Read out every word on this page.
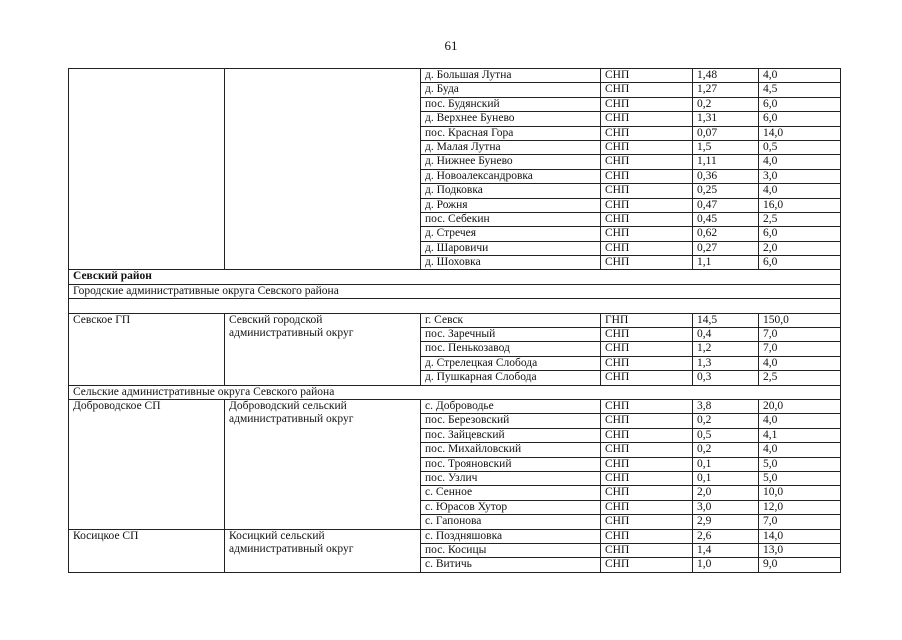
61
		д. Большая Лутна	СНП	1,48	4,0
		д. Буда	СНП	1,27	4,5
		пос. Будянский	СНП	0,2	6,0
		д. Верхнее Бунево	СНП	1,31	6,0
		пос. Красная Гора	СНП	0,07	14,0
		д. Малая Лутна	СНП	1,5	0,5
		д. Нижнее Бунево	СНП	1,11	4,0
		д. Новоалександровка	СНП	0,36	3,0
		д. Подковка	СНП	0,25	4,0
		д. Рожня	СНП	0,47	16,0
		пос. Себекин	СНП	0,45	2,5
		д. Стречея	СНП	0,62	6,0
		д. Шаровичи	СНП	0,27	2,0
		д. Шоховка	СНП	1,1	6,0
Севский район					
Городские административные округа Севского района					

Севское ГП	Севский городской административный округ	г. Севск	ГНП	14,5	150,0
		пос. Заречный	СНП	0,4	7,0
		пос. Пенькозавод	СНП	1,2	7,0
		д. Стрелецкая Слобода	СНП	1,3	4,0
		д. Пушкарная Слобода	СНП	0,3	2,5
Сельские административные округа Севского района					
Доброводское СП	Доброводский сельский административный округ	с. Доброводье	СНП	3,8	20,0
		пос. Березовский	СНП	0,2	4,0
		пос. Зайцевский	СНП	0,5	4,1
		пос. Михайловский	СНП	0,2	4,0
		пос. Трояновский	СНП	0,1	5,0
		пос. Узлич	СНП	0,1	5,0
		с. Сенное	СНП	2,0	10,0
		с. Юрасов Хутор	СНП	3,0	12,0
		с. Гапонова	СНП	2,9	7,0
Косицкое СП	Косицкий сельский административный округ	с. Поздняшовка	СНП	2,6	14,0
		пос. Косицы	СНП	1,4	13,0
		с. Витичь	СНП	1,0	9,0
